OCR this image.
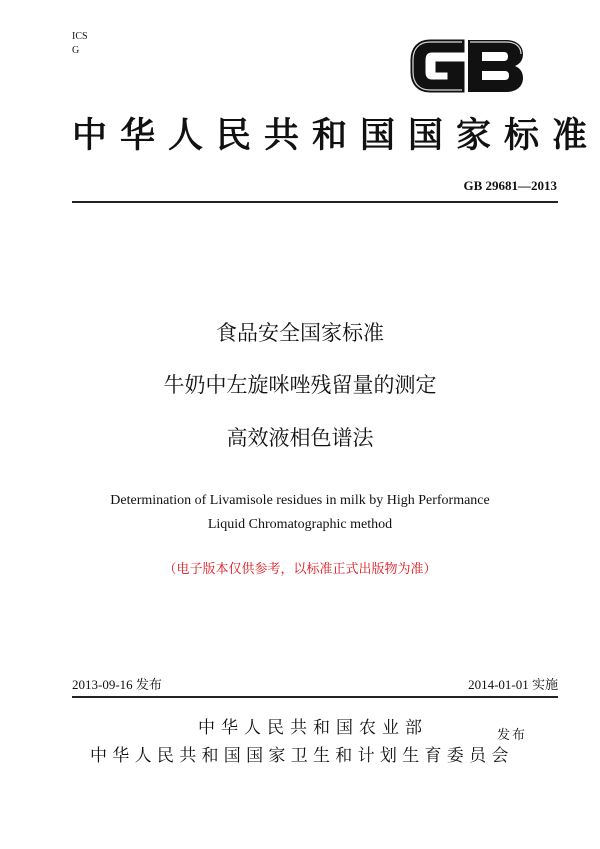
ICS
G
中华人民共和国国家标准
GB 29681—2013
食品安全国家标准
牛奶中左旋咪唑残留量的测定
高效液相色谱法
Determination of Livamisole residues in milk by High Performance
Liquid Chromatographic method
（电子版本仅供参考，以标准正式出版物为准）
2013-09-16 发布	2014-01-01 实施
中华人民共和国农业部	发布
中华人民共和国国家卫生和计划生育委员会
